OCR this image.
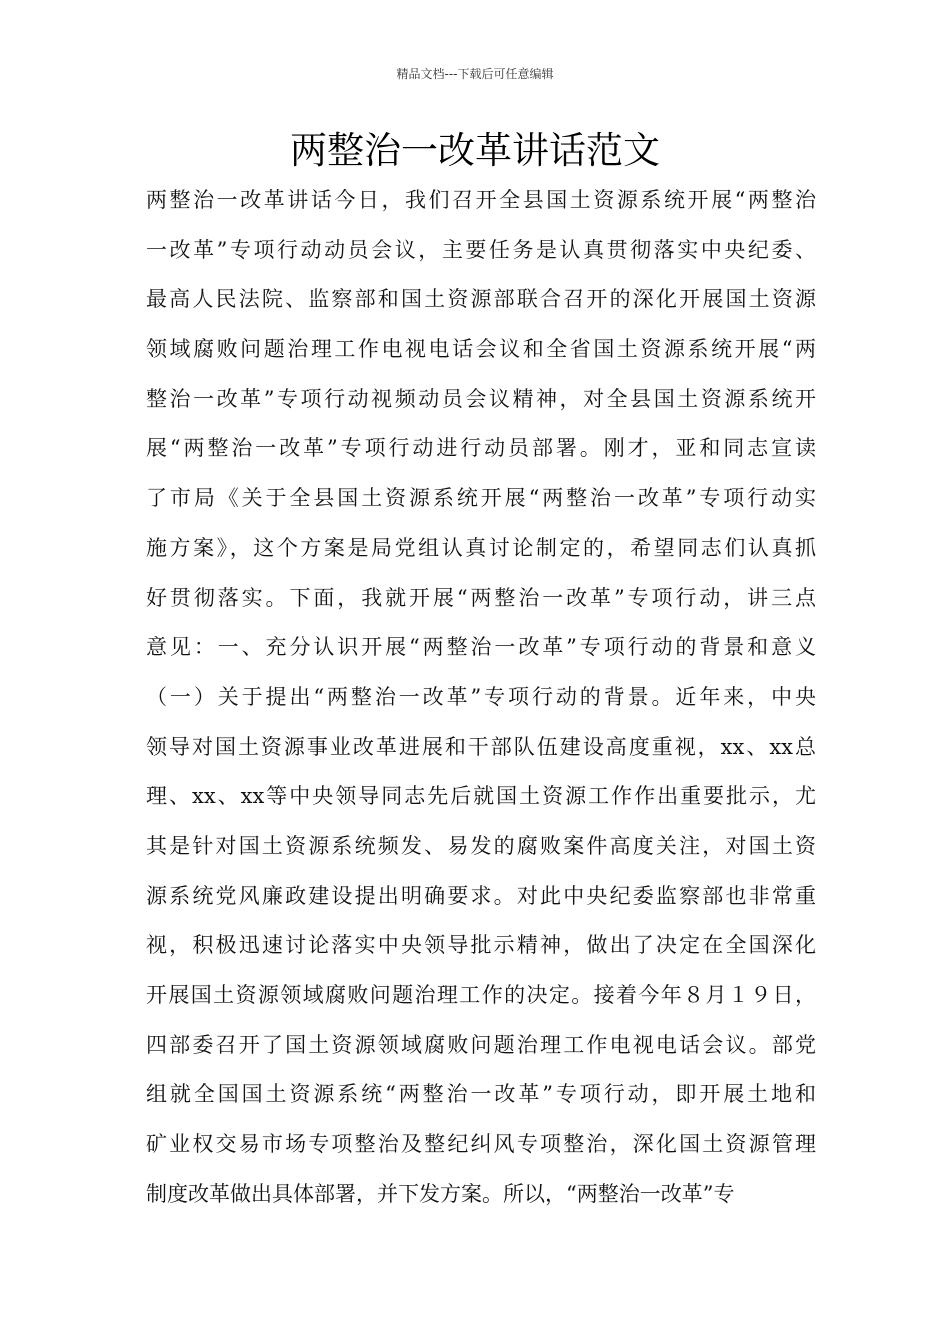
精品文档---下载后可任意编辑
两整治一改革讲话范文
两整治一改革讲话今日，我们召开全县国土资源系统开展“两整治
一改革”专项行动动员会议，主要任务是认真贯彻落实中央纪委、
最高人民法院、监察部和国土资源部联合召开的深化开展国土资源
领域腐败问题治理工作电视电话会议和全省国土资源系统开展“两
整治一改革”专项行动视频动员会议精神，对全县国土资源系统开
展“两整治一改革”专项行动进行动员部署。刚才，亚和同志宣读
了市局《关于全县国土资源系统开展“两整治一改革”专项行动实
施方案》，这个方案是局党组认真讨论制定的，希望同志们认真抓
好贯彻落实。下面，我就开展“两整治一改革”专项行动，讲三点
意见：一、充分认识开展“两整治一改革”专项行动的背景和意义
（一）关于提出“两整治一改革”专项行动的背景。近年来，中央
领导对国土资源事业改革进展和干部队伍建设高度重视，xx、xx总
理、xx、xx等中央领导同志先后就国土资源工作作出重要批示，尤
其是针对国土资源系统频发、易发的腐败案件高度关注，对国土资
源系统党风廉政建设提出明确要求。对此中央纪委监察部也非常重
视，积极迅速讨论落实中央领导批示精神，做出了决定在全国深化
开展国土资源领域腐败问题治理工作的决定。接着今年８月１９日，
四部委召开了国土资源领域腐败问题治理工作电视电话会议。部党
组就全国国土资源系统“两整治一改革”专项行动，即开展土地和
矿业权交易市场专项整治及整纪纠风专项整治，深化国土资源管理
制度改革做出具体部署，并下发方案。所以，“两整治一改革”专
